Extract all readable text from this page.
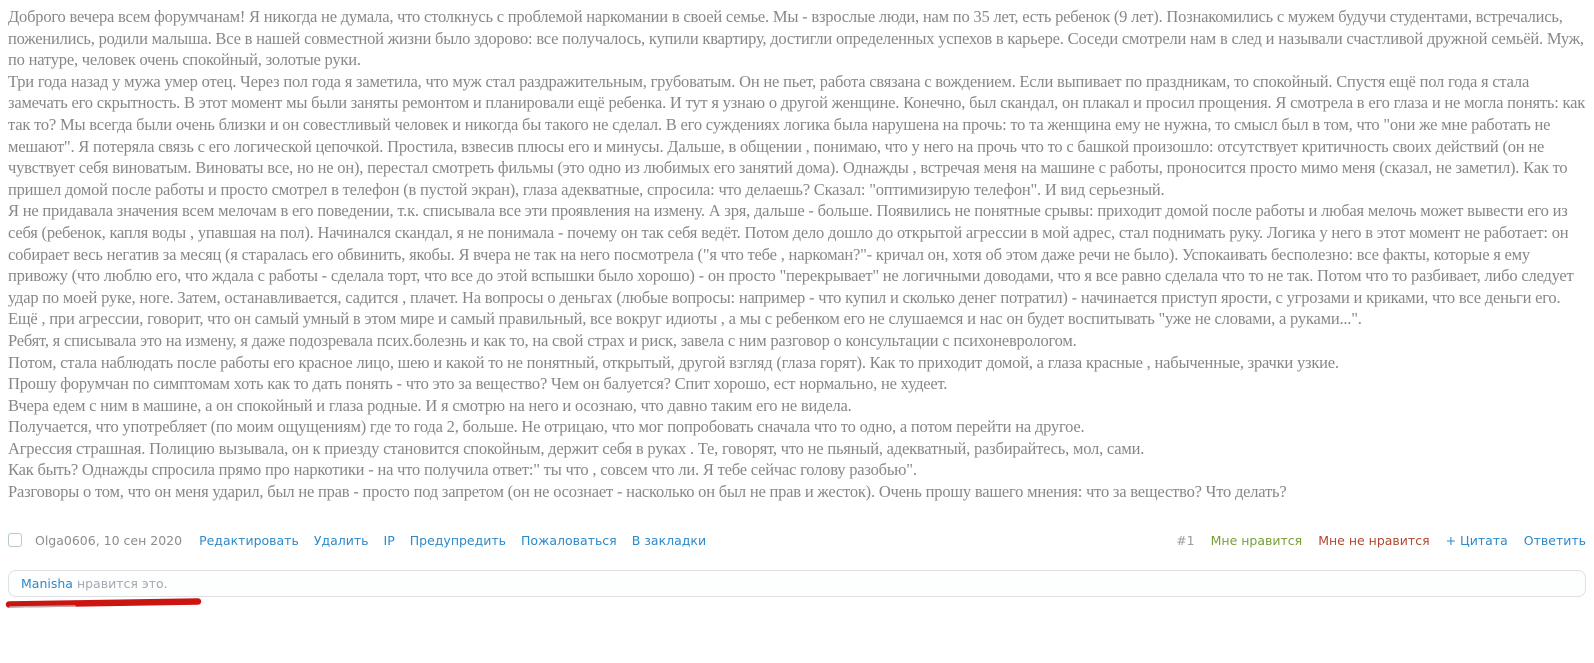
Доброго вечера всем форумчанам! Я никогда не думала, что столкнусь с проблемой наркомании в своей семье. Мы - взрослые люди, нам по 35 лет, есть ребенок (9 лет). Познакомились с мужем будучи студентами, встречались, поженились, родили малыша. Все в нашей совместной жизни было здорово: все получалось, купили квартиру, достигли определенных успехов в карьере. Соседи смотрели нам в след и называли счастливой дружной семьёй. Муж, по натуре, человек очень спокойный, золотые руки.

Три года назад у мужа умер отец. Через пол года я заметила, что муж стал раздражительным, грубоватым. Он не пьет, работа связана с вождением. Если выпивает по праздникам, то спокойный. Спустя ещё пол года я стала замечать его скрытность. В этот момент мы были заняты ремонтом и планировали ещё ребенка. И тут я узнаю о другой женщине. Конечно, был скандал, он плакал и просил прощения. Я смотрела в его глаза и не могла понять: как так то? Мы всегда были очень близки и он совестливый человек и никогда бы такого не сделал. В его суждениях логика была нарушена на прочь: то та женщина ему не нужна, то смысл был в том, что "они же мне работать не мешают". Я потеряла связь с его логической цепочкой. Простила, взвесив плюсы его и минусы. Дальше, в общении , понимаю, что у него на прочь что то с башкой произошло: отсутствует критичность своих действий (он не чувствует себя виноватым. Виноваты все, но не он), перестал смотреть фильмы (это одно из любимых его занятий дома). Однажды , встречая меня на машине с работы, проносится просто мимо меня (сказал, не заметил). Как то пришел домой после работы и просто смотрел в телефон (в пустой экран), глаза адекватные, спросила: что делаешь? Сказал: "оптимизирую телефон". И вид серьезный.

Я не придавала значения всем мелочам в его поведении, т.к. списывала все эти проявления на измену. А зря, дальше - больше. Появились не понятные срывы: приходит домой после работы и любая мелочь может вывести его из себя (ребенок, капля воды , упавшая на пол). Начинался скандал, я не понимала - почему он так себя ведёт. Потом дело дошло до открытой агрессии в мой адрес, стал поднимать руку. Логика у него в этот момент не работает: он собирает весь негатив за месяц (я старалась его обвинить, якобы. Я вчера не так на него посмотрела ("я что тебе , наркоман?"- кричал он, хотя об этом даже речи не было). Успокаивать бесполезно: все факты, которые я ему привожу (что люблю его, что ждала с работы - сделала торт, что все до этой вспышки было хорошо) - он просто "перекрывает" не логичными доводами, что я все равно сделала что то не так. Потом что то разбивает, либо следует удар по моей руке, ноге. Затем, останавливается, садится , плачет. На вопросы о деньгах (любые вопросы: например - что купил и сколько денег потратил) - начинается приступ ярости, с угрозами и криками, что все деньги его. Ещё , при агрессии, говорит, что он самый умный в этом мире и самый правильный, все вокруг идиоты , а мы с ребенком его не слушаемся и нас он будет воспитывать "уже не словами, а руками...".

Ребят, я списывала это на измену, я даже подозревала псих.болезнь и как то, на свой страх и риск, завела с ним разговор о консультации с психоневрологом.

Потом, стала наблюдать после работы его красное лицо, шею и какой то не понятный, открытый, другой взгляд (глаза горят). Как то приходит домой, а глаза красные , набыченные, зрачки узкие.

Прошу форумчан по симптомам хоть как то дать понять - что это за вещество? Чем он балуется? Спит хорошо, ест нормально, не худеет.

Вчера едем с ним в машине, а он спокойный и глаза родные. И я смотрю на него и осознаю, что давно таким его не видела.

Получается, что употребляет (по моим ощущениям) где то года 2, больше. Не отрицаю, что мог попробовать сначала что то одно, а потом перейти на другое.

Агрессия страшная. Полицию вызывала, он к приезду становится спокойным, держит себя в руках . Те, говорят, что не пьяный, адекватный, разбирайтесь, мол, сами.

Как быть? Однажды спросила прямо про наркотики - на что получила ответ:" ты что , совсем что ли. Я тебе сейчас голову разобью".

Разговоры о том, что он меня ударил, был не прав - просто под запретом (он не осознает - насколько он был не прав и жесток). Очень прошу вашего мнения: что за вещество? Что делать?

Olga0606, 10 сен 2020 Редактировать Удалить IP Предупредить Пожаловаться В закладки	#1 Мне нравится Мне не нравится + Цитата Ответить
Manisha нравится это.
